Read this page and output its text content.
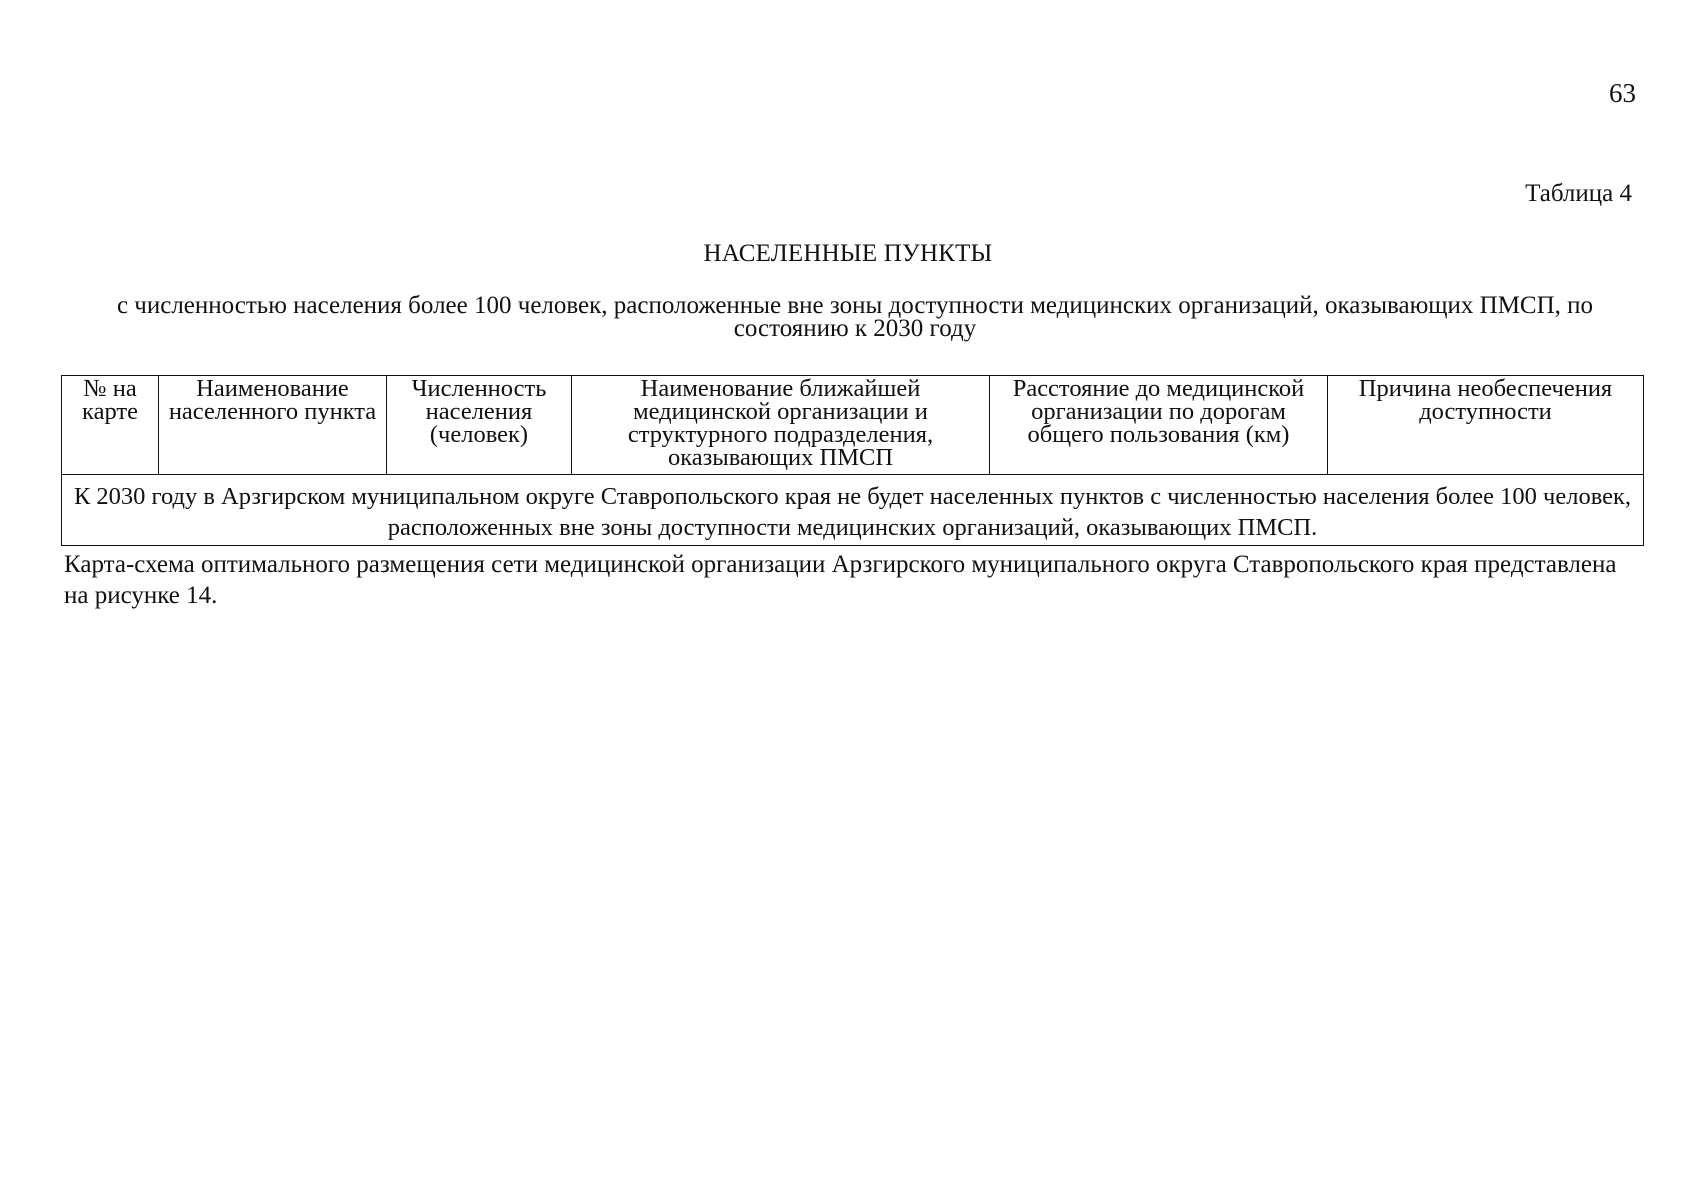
63
Таблица 4
НАСЕЛЕННЫЕ ПУНКТЫ
с численностью населения более 100 человек, расположенные вне зоны доступности медицинских организаций, оказывающих ПМСП, по состоянию к 2030 году
№ на карте	Наименование населенного пункта	Численность населения (человек)	Наименование ближайшей медицинской организации и структурного подразделения, оказывающих ПМСП	Расстояние до медицинской организации по дорогам общего пользования (км)	Причина необеспечения доступности
К 2030 году в Арзгирском муниципальном округе Ставропольского края не будет населенных пунктов с численностью населения более 100 человек, расположенных вне зоны доступности медицинских организаций, оказывающих ПМСП.
Карта-схема оптимального размещения сети медицинской организации Арзгирского муниципального округа Ставропольского края представлена на рисунке 14.
